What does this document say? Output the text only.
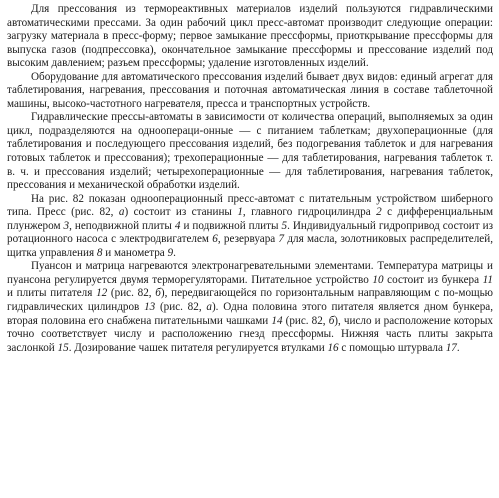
Для прессования из термореактивных материалов изделий пользуются гидравлическими автоматическими прессами. За один рабочий цикл пресс-автомат производит следующие операции: загрузку материала в пресс-форму; первое замыкание прессформы, приоткрывание прессформы для выпуска газов (подпрессовка), окончательное замыкание прессформы и прессование изделий под высоким давлением; разъем прессформы; удаление изготовленных изделий.

Оборудование для автоматического прессования изделий бывает двух видов: единый агрегат для таблетирования, нагревания, прессования и поточная автоматическая линия в составе таблеточной машины, высоко-частотного нагревателя, пресса и транспортных устройств.

Гидравлические прессы-автоматы в зависимости от количества операций, выполняемых за один цикл, подразделяются на одноопераци-онные — с питанием таблеткам; двухоперационные (для таблетирования и последующего прессования изделий, без подогревания таблеток и для нагревания готовых таблеток и прессования); трехоперационные — для таблетирования, нагревания таблеток т. в. ч. и прессования изделий; четырехоперационные — для таблетирования, нагревания таблеток, прессования и механической обработки изделий.

На рис. 82 показан однооперационный пресс-автомат с питательным устройством шиберного типа. Пресс (рис. 82, а) состоит из станины 1, главного гидроцилиндра 2 с дифференциальным плунжером 3, неподвижной плиты 4 и подвижной плиты 5. Индивидуальный гидропривод состоит из ротационного насоса с электродвигателем 6, резервуара 7 для масла, золотниковых распределителей, щитка управления 8 и манометра 9.

Пуансон и матрица нагреваются электронагревательными элементами. Температура матрицы и пуансона регулируется двумя терморегуляторами. Питательное устройство 10 состоит из бункера 11 и плиты питателя 12 (рис. 82, б), передвигающейся по горизонтальным направляющим с по-мощью гидравлических цилиндров 13 (рис. 82, а). Одна половина этого питателя является дном бункера, вторая половина его снабжена питательными чашками 14 (рис. 82, б), число и расположение которых точно соответствует числу и расположению гнезд прессформы. Нижняя часть плиты закрыта заслонкой 15. Дозирование чашек питателя регулируется втулками 16 с помощью штурвала 17.
